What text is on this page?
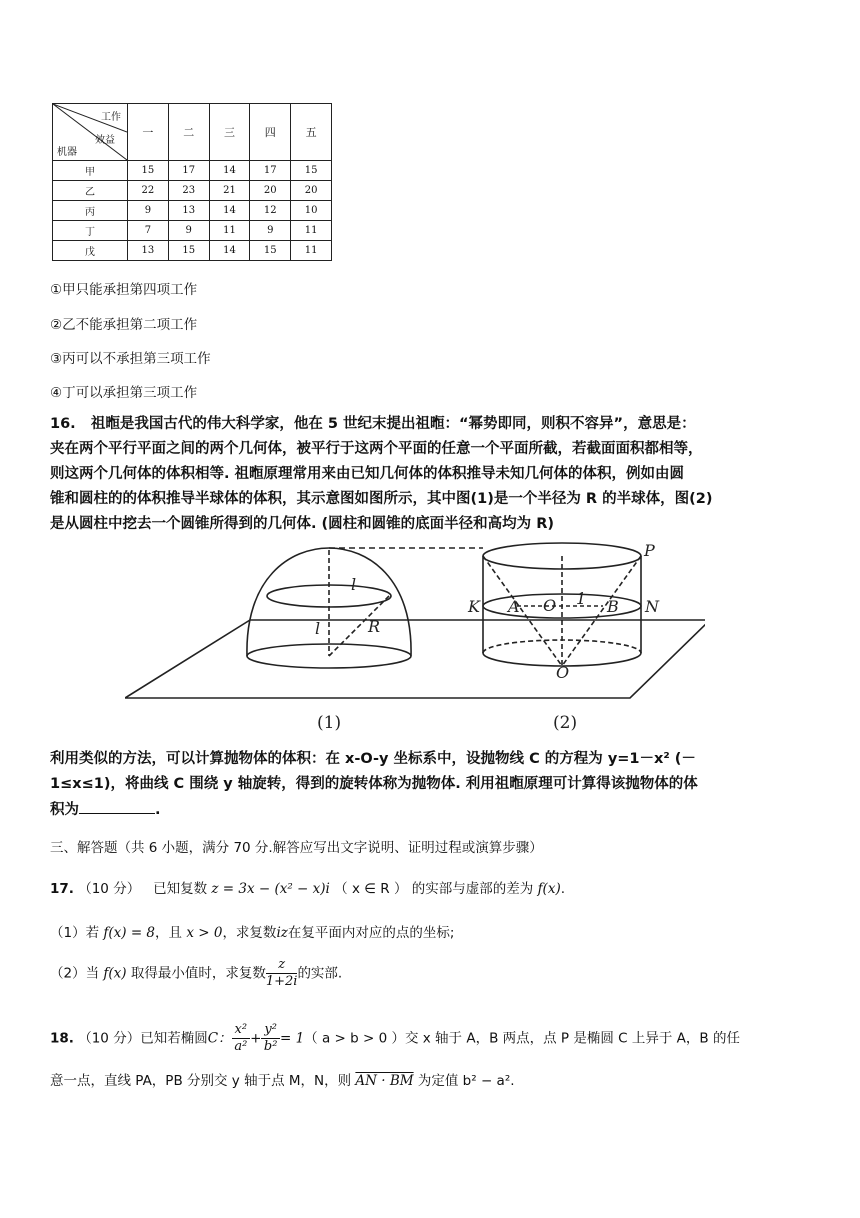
工作
效益
机器	一	二	三	四	五
甲	15	17	14	17	15
乙	22	23	21	20	20
丙	9	13	14	12	10
丁	7	9	11	9	11
戊	13	15	14	15	11
①甲只能承担第四项工作
②乙不能承担第二项工作
③丙可以不承担第三项工作
④丁可以承担第三项工作
16. 祖暅是我国古代的伟大科学家，他在 5 世纪末提出祖暅：“幂势即同，则积不容异”，意思是：
夹在两个平行平面之间的两个几何体，被平行于这两个平面的任意一个平面所截，若截面面积都相等，
则这两个几何体的体积相等. 祖暅原理常用来由已知几何体的体积推导未知几何体的体积，例如由圆
锥和圆柱的的体积推导半球体的体积，其示意图如图所示，其中图(1)是一个半径为 R 的半球体，图(2)
是从圆柱中挖去一个圆锥所得到的几何体. (圆柱和圆锥的底面半径和高均为 R)
l
l	R
P
K A O 1 B N
O
(1)	(2)
利用类似的方法，可以计算抛物体的体积：在 x-O-y 坐标系中，设抛物线 C 的方程为 y=1－x² (－
1≤x≤1)，将曲线 C 围绕 y 轴旋转，得到的旋转体称为抛物体. 利用祖暅原理可计算得该抛物体的体
积为	.
三、解答题（共 6 小题，满分 70 分.解答应写出文字说明、证明过程或演算步骤）
17. （10 分） 已知复数 z = 3x − (x² − x)i （ x ∈ R ） 的实部与虚部的差为 f(x).
（1）若 f(x) = 8，且 x > 0，求复数iz在复平面内对应的点的坐标;
（2）当 f(x) 取得最小值时，求复数 $\frac{z}{1+2i}$ 的实部.
18. （10 分）已知若椭圆C： $\frac{\text{x²}}{\text{a²}} + \frac{\text{y²}}{\text{b²}} = 1$（ a > b > 0 ）交 x 轴于 A，B 两点，点 P 是椭圆 C 上异于 A，B 的任
意一点，直线 PA，PB 分别交 y 轴于点 M，N，则 AN · BM 为定值 b² − a².
